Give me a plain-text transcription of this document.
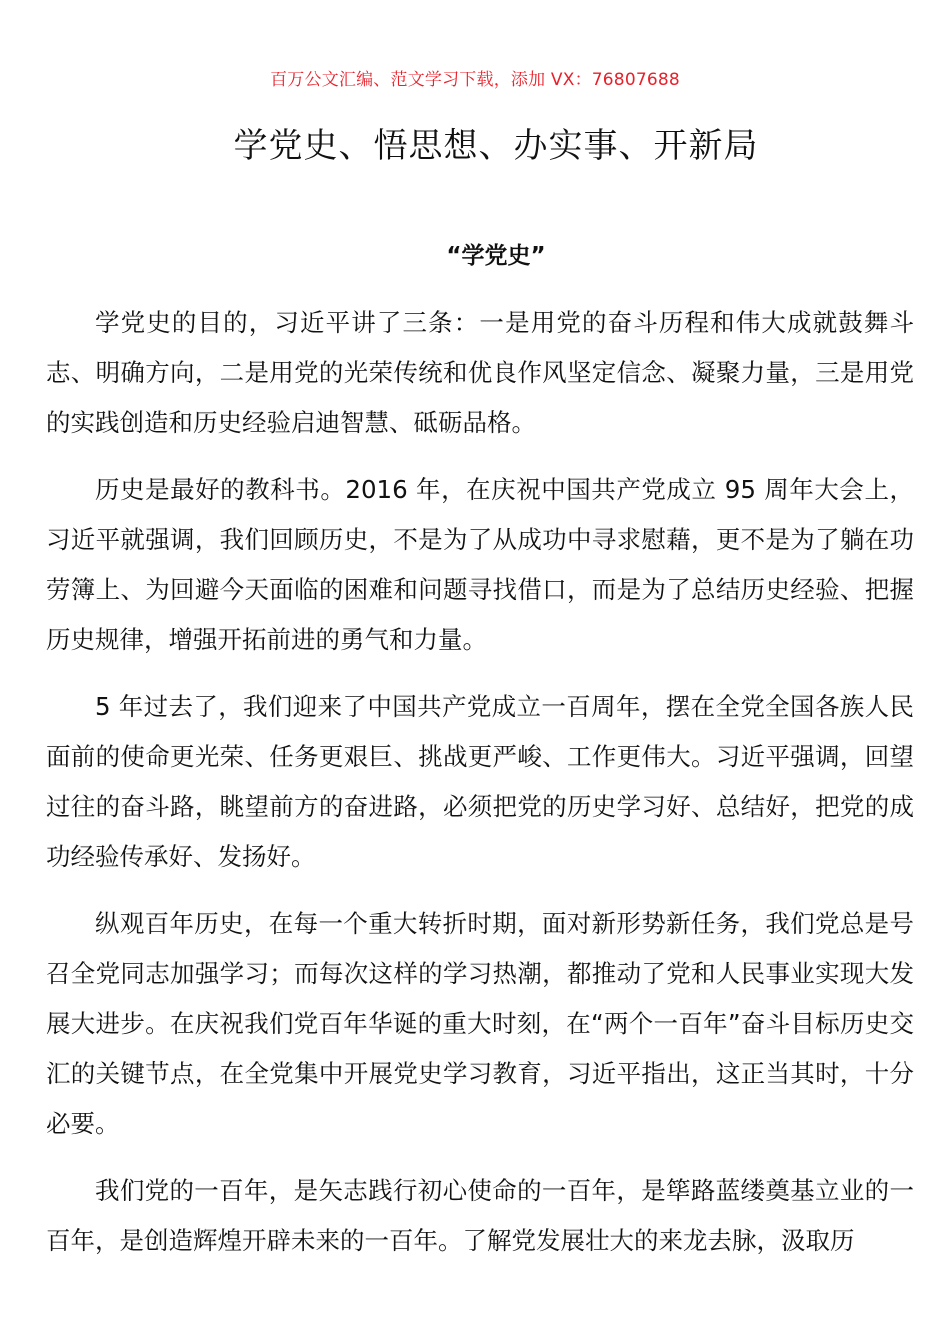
百万公文汇编、范文学习下载，添加 VX：76807688
学党史、悟思想、办实事、开新局
“学党史”

学党史的目的，习近平讲了三条：一是用党的奋斗历程和伟大成就鼓舞斗志、明确方向，二是用党的光荣传统和优良作风坚定信念、凝聚力量，三是用党的实践创造和历史经验启迪智慧、砥砺品格。

历史是最好的教科书。2016 年，在庆祝中国共产党成立 95 周年大会上，习近平就强调，我们回顾历史，不是为了从成功中寻求慰藉，更不是为了躺在功劳簿上、为回避今天面临的困难和问题寻找借口，而是为了总结历史经验、把握历史规律，增强开拓前进的勇气和力量。

5 年过去了，我们迎来了中国共产党成立一百周年，摆在全党全国各族人民面前的使命更光荣、任务更艰巨、挑战更严峻、工作更伟大。习近平强调，回望过往的奋斗路，眺望前方的奋进路，必须把党的历史学习好、总结好，把党的成功经验传承好、发扬好。

纵观百年历史，在每一个重大转折时期，面对新形势新任务，我们党总是号召全党同志加强学习；而每次这样的学习热潮，都推动了党和人民事业实现大发展大进步。在庆祝我们党百年华诞的重大时刻，在“两个一百年”奋斗目标历史交汇的关键节点，在全党集中开展党史学习教育，习近平指出，这正当其时，十分必要。

我们党的一百年，是矢志践行初心使命的一百年，是筚路蓝缕奠基立业的一百年，是创造辉煌开辟未来的一百年。了解党发展壮大的来龙去脉，汲取历
